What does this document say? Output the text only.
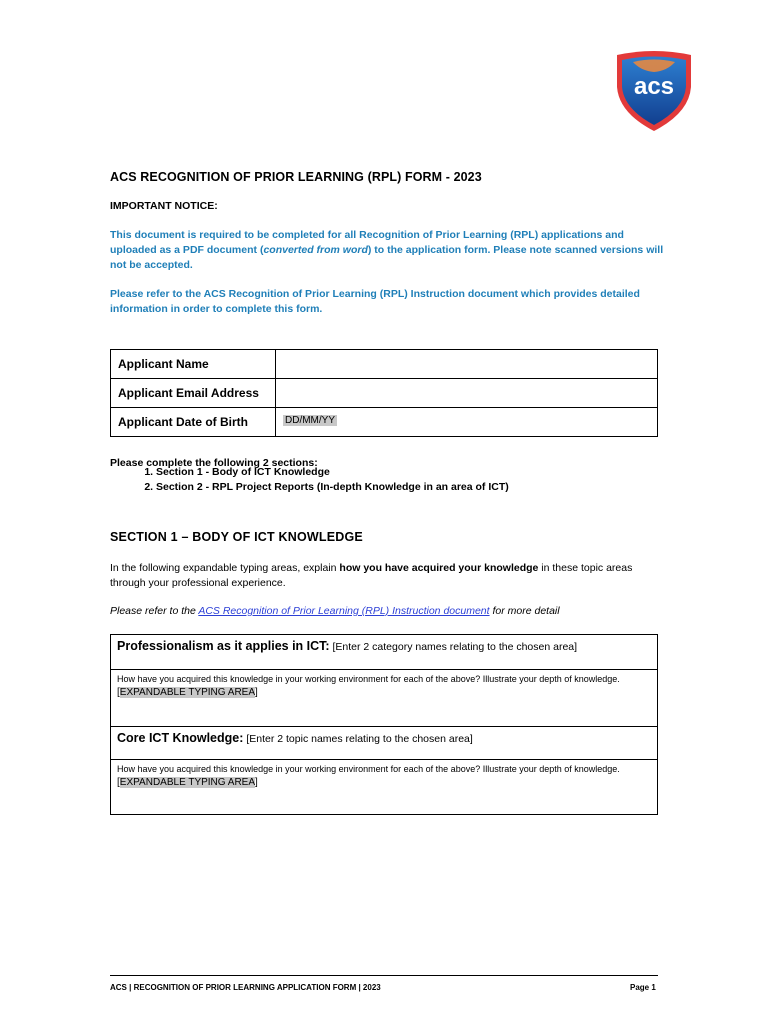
acs
ACS RECOGNITION OF PRIOR LEARNING (RPL) FORM - 2023
IMPORTANT NOTICE:
This document is required to be completed for all Recognition of Prior Learning (RPL) applications and uploaded as a PDF document (converted from word) to the application form. Please note scanned versions will not be accepted.
Please refer to the ACS Recognition of Prior Learning (RPL) Instruction document which provides detailed information in order to complete this form.
Applicant Name	
Applicant Email Address	
Applicant Date of Birth	DD/MM/YY
Please complete the following 2 sections:
1. Section 1 - Body of ICT Knowledge
2. Section 2 - RPL Project Reports (In-depth Knowledge in an area of ICT)
SECTION 1 – BODY OF ICT KNOWLEDGE
In the following expandable typing areas, explain how you have acquired your knowledge in these topic areas through your professional experience.
Please refer to the ACS Recognition of Prior Learning (RPL) Instruction document for more detail
Professionalism as it applies in ICT: [Enter 2 category names relating to the chosen area]
How have you acquired this knowledge in your working environment for each of the above? Illustrate your depth of knowledge.
[EXPANDABLE TYPING AREA]
Core ICT Knowledge: [Enter 2 topic names relating to the chosen area]
How have you acquired this knowledge in your working environment for each of the above? Illustrate your depth of knowledge.
[EXPANDABLE TYPING AREA]
ACS | RECOGNITION OF PRIOR LEARNING APPLICATION FORM | 2023	Page 1
